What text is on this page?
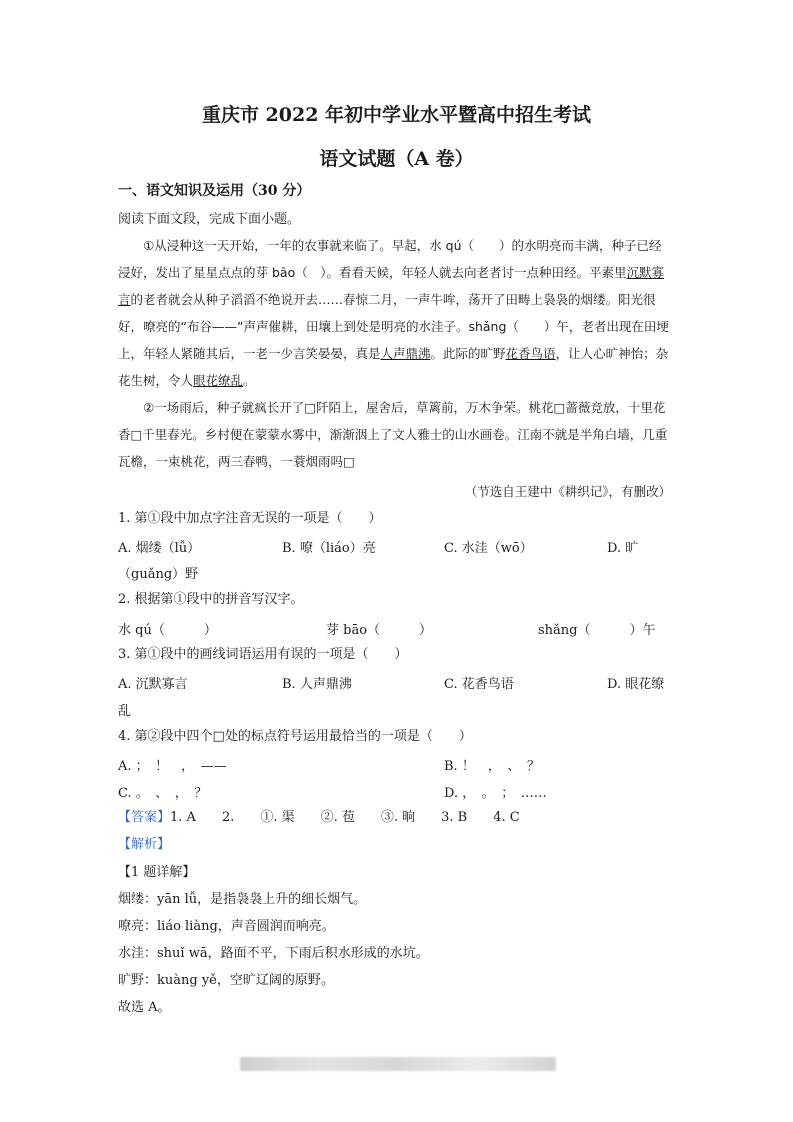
重庆市 2022 年初中学业水平暨高中招生考试
语文试题（A 卷）
一、语文知识及运用（30 分）
阅读下面文段，完成下面小题。

①从浸种这一天开始，一年的农事就来临了。早起，水 qú（　　）的水明亮而丰满，种子已经浸好，发出了星星点点的芽 bāo（　）。看看天候，年轻人就去向老者讨一点种田经。平素里沉默寡言的老者就会从种子滔滔不绝说开去……春惊二月，一声牛哞，荡开了田畴上袅袅的烟缕。阳光很好，嘹亮的“布谷——”声声催耕，田壤上到处是明亮的水洼子。shǎng（　　）午，老者出现在田埂上，年轻人紧随其后，一老一少言笑晏晏，真是人声鼎沸。此际的旷野花香鸟语，让人心旷神怡；杂花生树，令人眼花缭乱。

②一场雨后，种子就疯长开了□阡陌上，屋舍后，草篱前，万木争荣。桃花□蔷薇竞放，十里花香□千里春光。乡村便在蒙蒙水雾中，渐渐洇上了文人雅士的山水画卷。江南不就是半角白墙，几重瓦檐，一束桃花，两三春鸭，一蓑烟雨吗□

（节选自王建中《耕织记》，有删改）
1. 第①段中加点字注音无误的一项是（　　）
A. 烟缕（lǚ）	B. 嘹（liáo）亮	C. 水洼（wō）	D. 旷
（guǎng）野
2. 根据第①段中的拼音写汉字。
水 qú（　　　）	芽 bāo（　　　）	shǎng（　　　）午
3. 第①段中的画线词语运用有误的一项是（　　）
A. 沉默寡言	B. 人声鼎沸	C. 花香鸟语	D. 眼花缭
乱
4. 第②段中四个□处的标点符号运用最恰当的一项是（　　）
A. ；　！　，　——	B. ！　，　、　？
C. 。　、　，　？	D. ，　。　；　……
【答案】1. A　　2.　　①. 渠　　②. 苞　　③. 晌　　3. B　　4. C
【解析】
【1 题详解】
烟缕：yān lǚ，是指袅袅上升的细长烟气。
嘹亮：liáo liàng，声音圆润而响亮。
水洼：shuǐ wā，路面不平，下雨后积水形成的水坑。
旷野：kuàng yě，空旷辽阔的原野。
故选 A。
